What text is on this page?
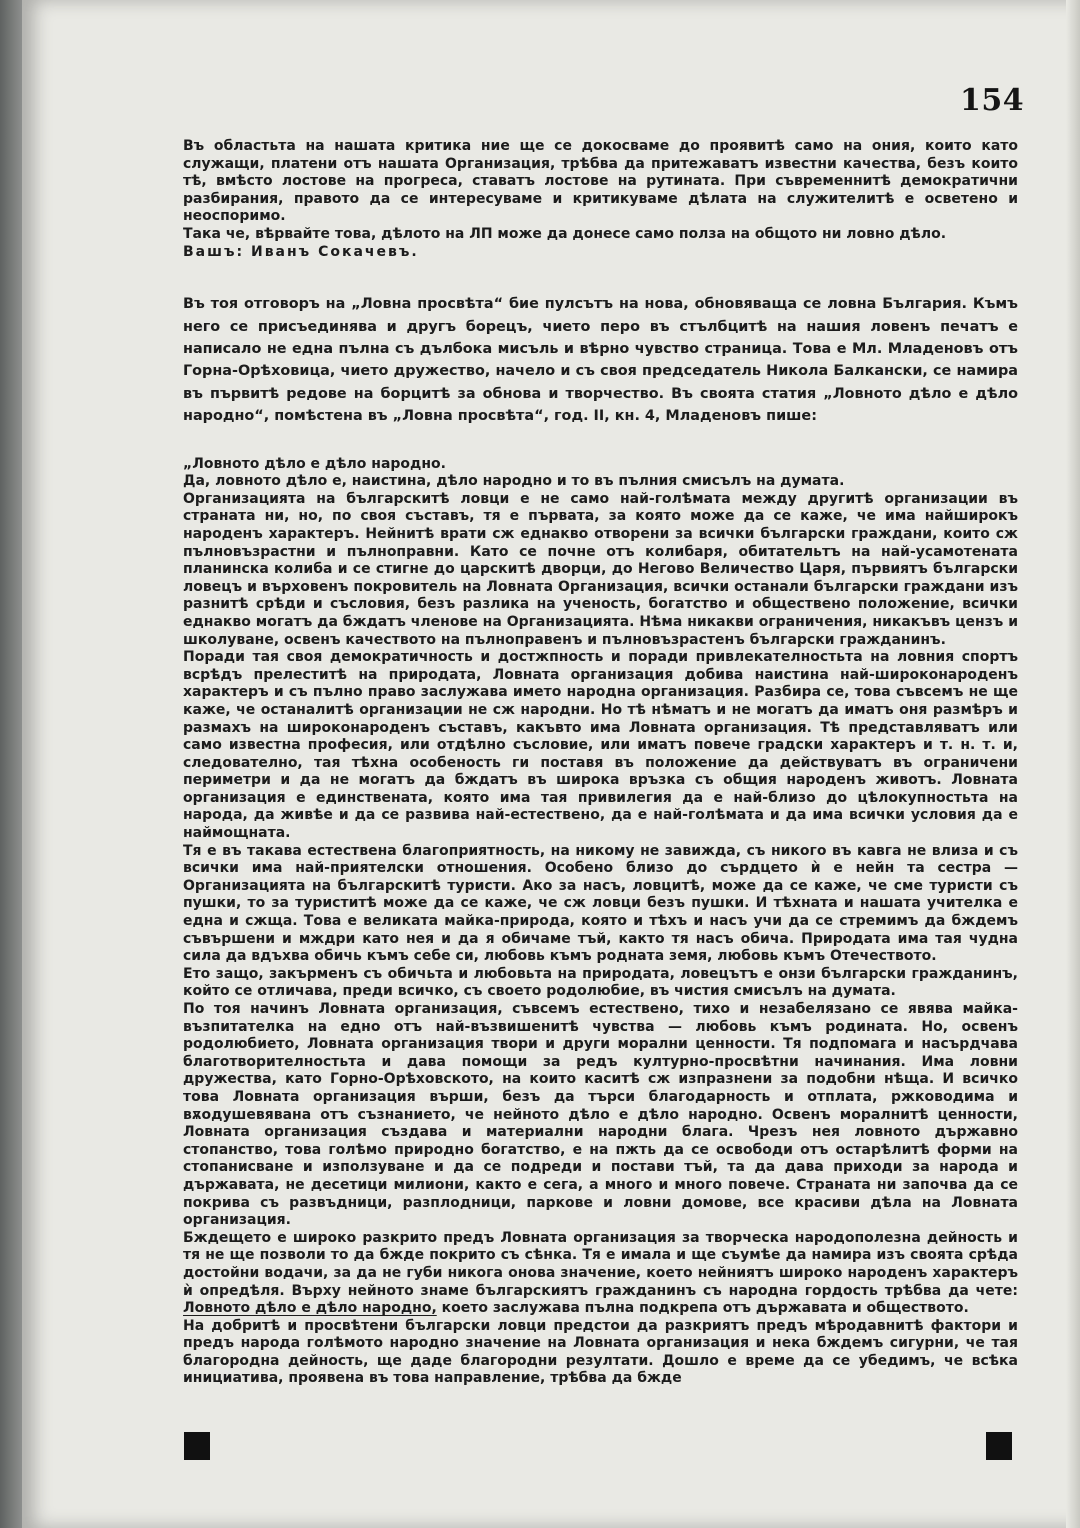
154

Въ областьта на нашата критика ние ще се докосваме до проявитѣ само на ония, които като служащи, платени отъ нашата Организация, трѣбва да притежаватъ известни качества, безъ които тѣ, вмѣсто лостове на прогреса, ставатъ лостове на рутината. При съвременнитѣ демократични разбирания, правото да се интересуваме и критикуваме дѣлата на служителитѣ е осветено и неоспоримо.

Така че, вѣрвайте това, дѣлото на ЛП може да донесе само полза на общото ни ловно дѣло.

Вашъ: Иванъ Сокачевъ.

Въ тоя отговоръ на „Ловна просвѣта“ бие пулсътъ на нова, обновяваща се ловна България. Къмъ него се присъединява и другъ борецъ, чието перо въ стълбцитѣ на нашия ловенъ печатъ е написало не една пълна съ дълбока мисъль и вѣрно чувство страница. Това е Мл. Младеновъ отъ Горна-Орѣховица, чието дружество, начело и съ своя председатель Никола Балкански, се намира въ първитѣ редове на борцитѣ за обнова и творчество. Въ своята статия „Ловното дѣло е дѣло народно“, помѣстена въ „Ловна просвѣта“, год. II, кн. 4, Младеновъ пише:

„Ловното дѣло е дѣло народно.

Да, ловното дѣло е, наистина, дѣло народно и то въ пълния смисълъ на думата.

Организацията на българскитѣ ловци е не само най-голѣмата между другитѣ организации въ страната ни, но, по своя съставъ, тя е първата, за която може да се каже, че има найширокъ народенъ характеръ. Нейнитѣ врати сж еднакво отворени за всички български граждани, които сж пълновъзрастни и пълноправни. Като се почне отъ колибаря, обитательтъ на най-усамотената планинска колиба и се стигне до царскитѣ дворци, до Негово Величество Царя, първиятъ български ловецъ и върховенъ покровитель на Ловната Организация, всички останали български граждани изъ разнитѣ срѣди и съсловия, безъ разлика на ученость, богатство и обществено положение, всички еднакво могатъ да бждатъ членове на Организацията. Нѣма никакви ограничения, никакъвъ цензъ и школуване, освенъ качеството на пълноправенъ и пълновъзрастенъ български гражданинъ.

Поради тая своя демократичность и достжпность и поради привлекателностьта на ловния спортъ всрѣдъ прелеститѣ на природата, Ловната организация добива наистина най-широконароденъ характеръ и съ пълно право заслужава името народна организация. Разбира се, това съвсемъ не ще каже, че останалитѣ организации не сж народни. Но тѣ нѣматъ и не могатъ да иматъ оня размѣръ и размахъ на широконароденъ съставъ, какъвто има Ловната организация. Тѣ представляватъ или само известна професия, или отдѣлно съсловие, или иматъ повече градски характеръ и т. н. т. и, следователно, тая тѣхна особеность ги поставя въ положение да действуватъ въ ограничени периметри и да не могатъ да бждатъ въ широка връзка съ общия народенъ животъ. Ловната организация е единствената, която има тая привилегия да е най-близо до цѣлокупностьта на народа, да живѣе и да се развива най-естествено, да е най-голѣмата и да има всички условия да е наймощната.

Тя е въ такава естествена благоприятность, на никому не завижда, съ никого въ кавга не влиза и съ всички има най-приятелски отношения. Особено близо до сърдцето ѝ е нейн та сестра — Организацията на българскитѣ туристи. Ако за насъ, ловцитѣ, може да се каже, че сме туристи съ пушки, то за туриститѣ може да се каже, че сж ловци безъ пушки. И тѣхната и нашата учителка е една и сжща. Това е великата майка-природа, която и тѣхъ и насъ учи да се стремимъ да бждемъ съвършени и мждри като нея и да я обичаме тъй, както тя насъ обича. Природата има тая чудна сила да вдъхва обичь къмъ себе си, любовь къмъ родната земя, любовь къмъ Отечеството.

Ето защо, закърменъ съ обичьта и любовьта на природата, ловецътъ е онзи български гражданинъ, който се отличава, преди всичко, съ своето родолюбие, въ чистия смисълъ на думата.

По тоя начинъ Ловната организация, съвсемъ естествено, тихо и незабелязано се явява майка-възпитателка на едно отъ най-възвишенитѣ чувства — любовь къмъ родината. Но, освенъ родолюбието, Ловната организация твори и други морални ценности. Тя подпомага и насърдчава благотворителностьта и дава помощи за редъ културно-просвѣтни начинания. Има ловни дружества, като Горно-Орѣховското, на които каситѣ сж изпразнени за подобни нѣща. И всичко това Ловната организация върши, безъ да търси благодарность и отплата, ржководима и вѫодушевявана отъ съзнанието, че нейното дѣло е дѣло народно. Освенъ моралнитѣ ценности, Ловната организация създава и материални народни блага. Чрезъ нея ловното държавно стопанство, това голѣмо природно богатство, е на пжть да се освободи отъ остарѣлитѣ форми на стопанисване и използуване и да се подреди и постави тъй, та да дава приходи за народа и държавата, не десетици милиони, както е сега, а много и много повече. Страната ни започва да се покрива съ развъдници, разплодници, паркове и ловни домове, все красиви дѣла на Ловната организация.

Бждещето е широко разкрито предъ Ловната организация за творческа народополезна дейность и тя не ще позволи то да бжде покрито съ сѣнка. Тя е имала и ще съумѣе да намира изъ своята срѣда достойни водачи, за да не губи никога онова значение, което нейниятъ широко народенъ характеръ ѝ опредѣля. Върху нейното знаме българскиятъ гражданинъ съ народна гордость трѣбва да чете: Ловното дѣло е дѣло народно, което заслужава пълна подкрепа отъ държавата и обществото.

На добритѣ и просвѣтени български ловци предстои да разкриятъ предъ мѣродавнитѣ фактори и предъ народа голѣмото народно значение на Ловната организация и нека бждемъ сигурни, че тая благородна дейность, ще даде благородни резултати. Дошло е време да се убедимъ, че всѣка инициатива, проявена въ това направление, трѣбва да бжде
